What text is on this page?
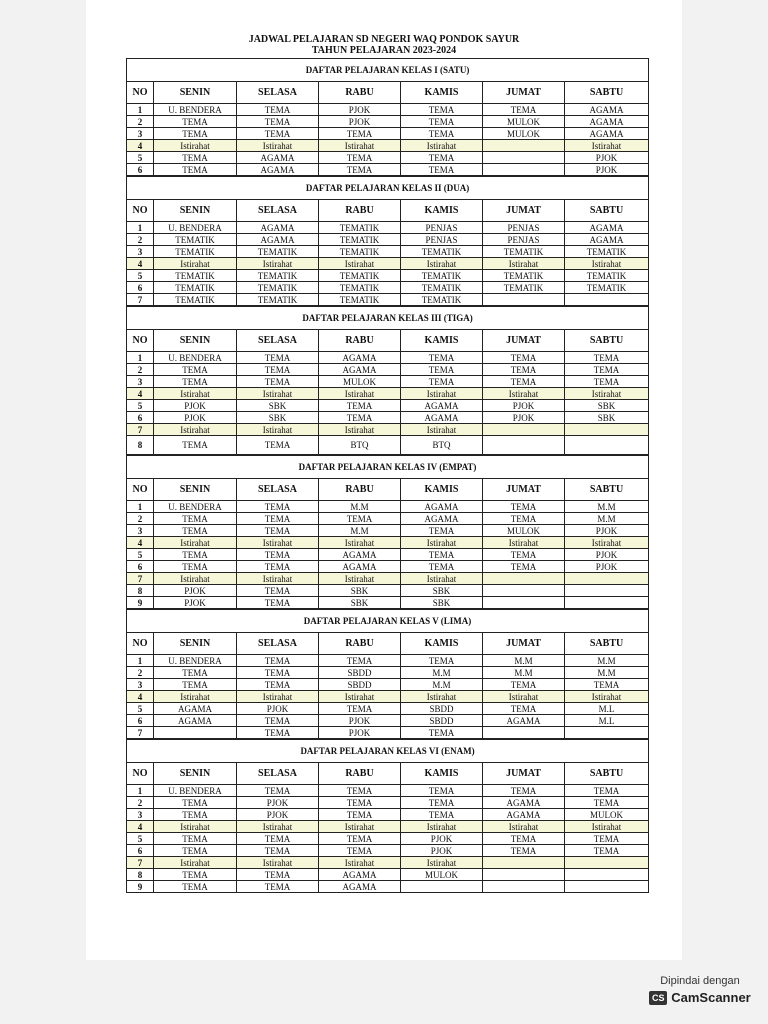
JADWAL PELAJARAN SD NEGERI WAQ PONDOK SAYUR
TAHUN PELAJARAN 2023-2024
DAFTAR PELAJARAN KELAS I (SATU)						
NO	SENIN	SELASA	RABU	KAMIS	JUMAT	SABTU
1	U. BENDERA	TEMA	PJOK	TEMA	TEMA	AGAMA
2	TEMA	TEMA	PJOK	TEMA	MULOK	AGAMA
3	TEMA	TEMA	TEMA	TEMA	MULOK	AGAMA
4	Istirahat	Istirahat	Istirahat	Istirahat		Istirahat
5	TEMA	AGAMA	TEMA	TEMA		PJOK
6	TEMA	AGAMA	TEMA	TEMA		PJOK
DAFTAR PELAJARAN KELAS II (DUA)						
NO	SENIN	SELASA	RABU	KAMIS	JUMAT	SABTU
1	U. BENDERA	AGAMA	TEMATIK	PENJAS	PENJAS	AGAMA
2	TEMATIK	AGAMA	TEMATIK	PENJAS	PENJAS	AGAMA
3	TEMATIK	TEMATIK	TEMATIK	TEMATIK	TEMATIK	TEMATIK
4	Istirahat	Istirahat	Istirahat	Istirahat	Istirahat	Istirahat
5	TEMATIK	TEMATIK	TEMATIK	TEMATIK	TEMATIK	TEMATIK
6	TEMATIK	TEMATIK	TEMATIK	TEMATIK	TEMATIK	TEMATIK
7	TEMATIK	TEMATIK	TEMATIK	TEMATIK		
DAFTAR PELAJARAN KELAS III (TIGA)						
NO	SENIN	SELASA	RABU	KAMIS	JUMAT	SABTU
1	U. BENDERA	TEMA	AGAMA	TEMA	TEMA	TEMA
2	TEMA	TEMA	AGAMA	TEMA	TEMA	TEMA
3	TEMA	TEMA	MULOK	TEMA	TEMA	TEMA
4	Istirahat	Istirahat	Istirahat	Istirahat	Istirahat	Istirahat
5	PJOK	SBK	TEMA	AGAMA	PJOK	SBK
6	PJOK	SBK	TEMA	AGAMA	PJOK	SBK
7	Istirahat	Istirahat	Istirahat	Istirahat		
8	TEMA	TEMA	BTQ	BTQ		
DAFTAR PELAJARAN KELAS IV (EMPAT)						
NO	SENIN	SELASA	RABU	KAMIS	JUMAT	SABTU
1	U. BENDERA	TEMA	M.M	AGAMA	TEMA	M.M
2	TEMA	TEMA	TEMA	AGAMA	TEMA	M.M
3	TEMA	TEMA	M.M	TEMA	MULOK	PJOK
4	Istirahat	Istirahat	Istirahat	Istirahat	Istirahat	Istirahat
5	TEMA	TEMA	AGAMA	TEMA	TEMA	PJOK
6	TEMA	TEMA	AGAMA	TEMA	TEMA	PJOK
7	Istirahat	Istirahat	Istirahat	Istirahat		
8	PJOK	TEMA	SBK	SBK		
9	PJOK	TEMA	SBK	SBK		
DAFTAR PELAJARAN KELAS V (LIMA)						
NO	SENIN	SELASA	RABU	KAMIS	JUMAT	SABTU
1	U. BENDERA	TEMA	TEMA	TEMA	M.M	M.M
2	TEMA	TEMA	SBDD	M.M	M.M	M.M
3	TEMA	TEMA	SBDD	M.M	TEMA	TEMA
4	Istirahat	Istirahat	Istirahat	Istirahat	Istirahat	Istirahat
5	AGAMA	PJOK	TEMA	SBDD	TEMA	M.L
6	AGAMA	TEMA	PJOK	SBDD	AGAMA	M.L
7		TEMA	PJOK	TEMA		
DAFTAR PELAJARAN KELAS VI (ENAM)						
NO	SENIN	SELASA	RABU	KAMIS	JUMAT	SABTU
1	U. BENDERA	TEMA	TEMA	TEMA	TEMA	TEMA
2	TEMA	PJOK	TEMA	TEMA	AGAMA	TEMA
3	TEMA	PJOK	TEMA	TEMA	AGAMA	MULOK
4	Istirahat	Istirahat	Istirahat	Istirahat	Istirahat	Istirahat
5	TEMA	TEMA	TEMA	PJOK	TEMA	TEMA
6	TEMA	TEMA	TEMA	PJOK	TEMA	TEMA
7	Istirahat	Istirahat	Istirahat	Istirahat		
8	TEMA	TEMA	AGAMA	MULOK		
9	TEMA	TEMA	AGAMA			
Dipindai dengan
CS CamScanner
